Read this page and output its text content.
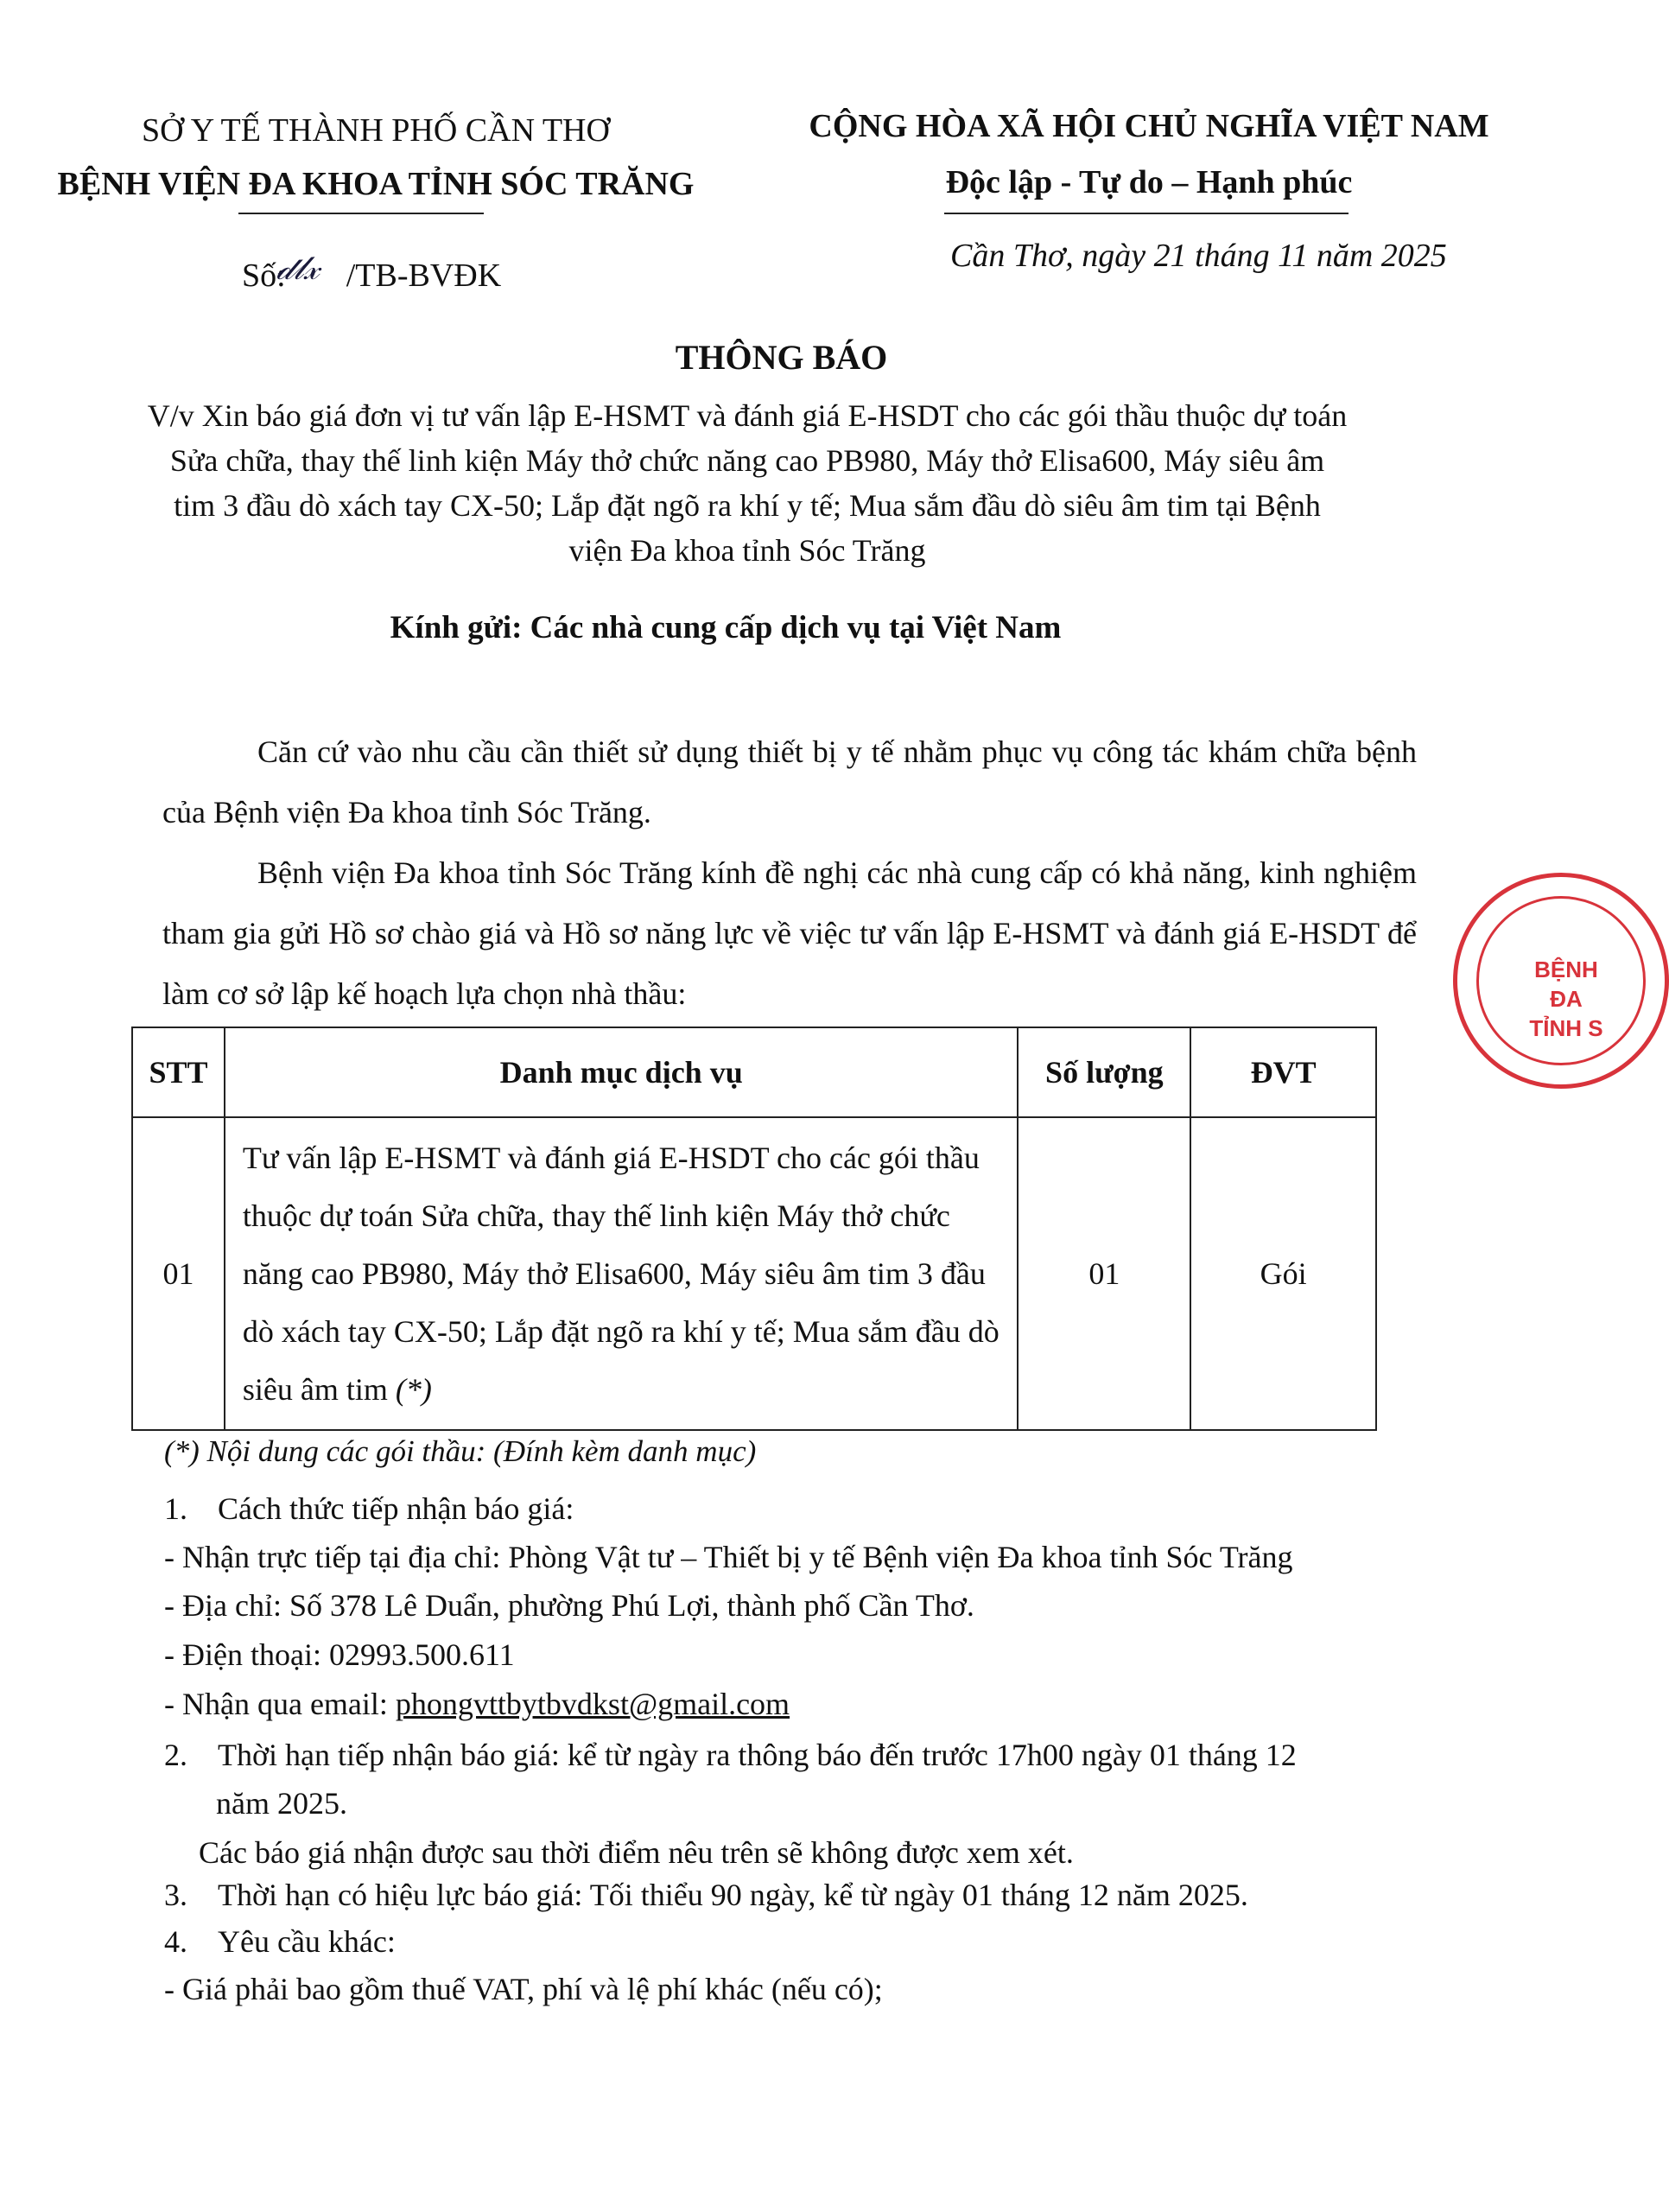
SỞ Y TẾ THÀNH PHỐ CẦN THƠ
BỆNH VIỆN ĐA KHOA TỈNH SÓC TRĂNG
Số: /TB-BVĐK
𝒹𝓁𝓍
CỘNG HÒA XÃ HỘI CHỦ NGHĨA VIỆT NAM
Độc lập - Tự do – Hạnh phúc
Cần Thơ, ngày 21 tháng 11 năm 2025
THÔNG BÁO
V/v Xin báo giá đơn vị tư vấn lập E-HSMT và đánh giá E-HSDT cho các gói thầu thuộc dự toán Sửa chữa, thay thế linh kiện Máy thở chức năng cao PB980, Máy thở Elisa600, Máy siêu âm tim 3 đầu dò xách tay CX-50; Lắp đặt ngõ ra khí y tế; Mua sắm đầu dò siêu âm tim tại Bệnh viện Đa khoa tỉnh Sóc Trăng
Kính gửi: Các nhà cung cấp dịch vụ tại Việt Nam
Căn cứ vào nhu cầu cần thiết sử dụng thiết bị y tế nhằm phục vụ công tác khám chữa bệnh của Bệnh viện Đa khoa tỉnh Sóc Trăng.
Bệnh viện Đa khoa tỉnh Sóc Trăng kính đề nghị các nhà cung cấp có khả năng, kinh nghiệm tham gia gửi Hồ sơ chào giá và Hồ sơ năng lực về việc tư vấn lập E-HSMT và đánh giá E-HSDT để làm cơ sở lập kế hoạch lựa chọn nhà thầu:
STT	Danh mục dịch vụ	Số lượng	ĐVT
01	Tư vấn lập E-HSMT và đánh giá E-HSDT cho các gói thầu thuộc dự toán Sửa chữa, thay thế linh kiện Máy thở chức năng cao PB980, Máy thở Elisa600, Máy siêu âm tim 3 đầu dò xách tay CX-50; Lắp đặt ngõ ra khí y tế; Mua sắm đầu dò siêu âm tim (*)	01	Gói
(*) Nội dung các gói thầu: (Đính kèm danh mục)
1. Cách thức tiếp nhận báo giá:
- Nhận trực tiếp tại địa chỉ: Phòng Vật tư – Thiết bị y tế Bệnh viện Đa khoa tỉnh Sóc Trăng
- Địa chỉ: Số 378 Lê Duẩn, phường Phú Lợi, thành phố Cần Thơ.
- Điện thoại: 02993.500.611
- Nhận qua email: phongvttbytbvdkst@gmail.com
2. Thời hạn tiếp nhận báo giá: kể từ ngày ra thông báo đến trước 17h00 ngày 01 tháng 12
năm 2025.
Các báo giá nhận được sau thời điểm nêu trên sẽ không được xem xét.
3. Thời hạn có hiệu lực báo giá: Tối thiểu 90 ngày, kể từ ngày 01 tháng 12 năm 2025.
4. Yêu cầu khác:
- Giá phải bao gồm thuế VAT, phí và lệ phí khác (nếu có);
BỆNH
ĐA
TỈNH S
